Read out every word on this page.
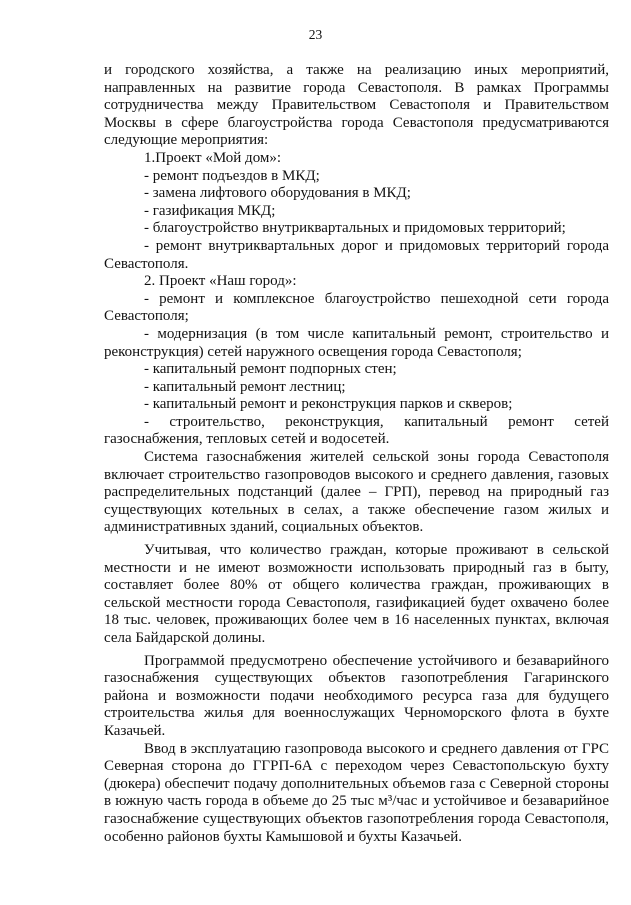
23

и городского хозяйства, а также на реализацию иных мероприятий, направленных на развитие города Севастополя. В рамках Программы сотрудничества между Правительством Севастополя и Правительством Москвы в сфере благоустройства города Севастополя предусматриваются следующие мероприятия:

1.Проект «Мой дом»:

- ремонт подъездов в МКД;

- замена лифтового оборудования в МКД;

- газификация МКД;

- благоустройство внутриквартальных и придомовых территорий;

- ремонт внутриквартальных дорог и придомовых территорий города Севастополя.

2. Проект «Наш город»:

- ремонт и комплексное благоустройство пешеходной сети города Севастополя;

- модернизация (в том числе капитальный ремонт, строительство и реконструкция) сетей наружного освещения города Севастополя;

- капитальный ремонт подпорных стен;

- капитальный ремонт лестниц;

- капитальный ремонт и реконструкция парков и скверов;

- строительство, реконструкция, капитальный ремонт сетей газоснабжения, тепловых сетей и водосетей.

Система газоснабжения жителей сельской зоны города Севастополя включает строительство газопроводов высокого и среднего давления, газовых распределительных подстанций (далее – ГРП), перевод на природный газ существующих котельных в селах, а также обеспечение газом жилых и административных зданий, социальных объектов.

Учитывая, что количество граждан, которые проживают в сельской местности и не имеют возможности использовать природный газ в быту, составляет более 80% от общего количества граждан, проживающих в сельской местности города Севастополя, газификацией будет охвачено более 18 тыс. человек, проживающих более чем в 16 населенных пунктах, включая села Байдарской долины.

Программой предусмотрено обеспечение устойчивого и безаварийного газоснабжения существующих объектов газопотребления Гагаринского района и возможности подачи необходимого ресурса газа для будущего строительства жилья для военнослужащих Черноморского флота в бухте Казачьей.

Ввод в эксплуатацию газопровода высокого и среднего давления от ГРС Северная сторона до ГГРП-6А с переходом через Севастопольскую бухту (дюкера) обеспечит подачу дополнительных объемов газа с Северной стороны в южную часть города в объеме до 25 тыс м³/час и устойчивое и безаварийное газоснабжение существующих объектов газопотребления города Севастополя, особенно районов бухты Камышовой и бухты Казачьей.
